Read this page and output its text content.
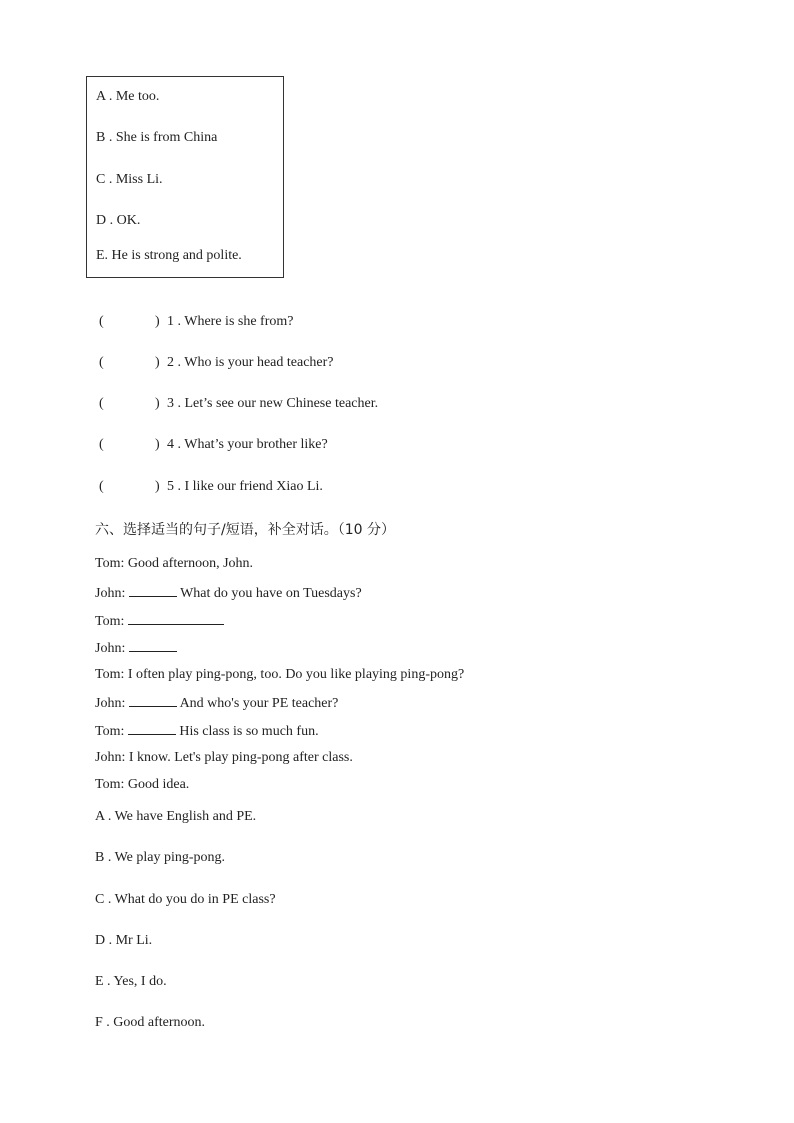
A . Me too.
B . She is from China
C . Miss Li.
D . OK.
E. He is strong and polite.
(	) 1 . Where is she from?
(	) 2 . Who is your head teacher?
(	) 3 . Let’s see our new Chinese teacher.
(	) 4 . What’s your brother like?
(	) 5 . I like our friend Xiao Li.
六、选择适当的句子/短语，补全对话。（10 分）
Tom: Good afternoon, John.
John:	What do you have on Tuesdays?
Tom:
John:
Tom: I often play ping-pong, too. Do you like playing ping-pong?
John:	And who's your PE teacher?
Tom:	His class is so much fun.
John: I know. Let's play ping-pong after class.
Tom: Good idea.
A . We have English and PE.
B . We play ping-pong.
C . What do you do in PE class?
D . Mr Li.
E . Yes, I do.
F . Good afternoon.
